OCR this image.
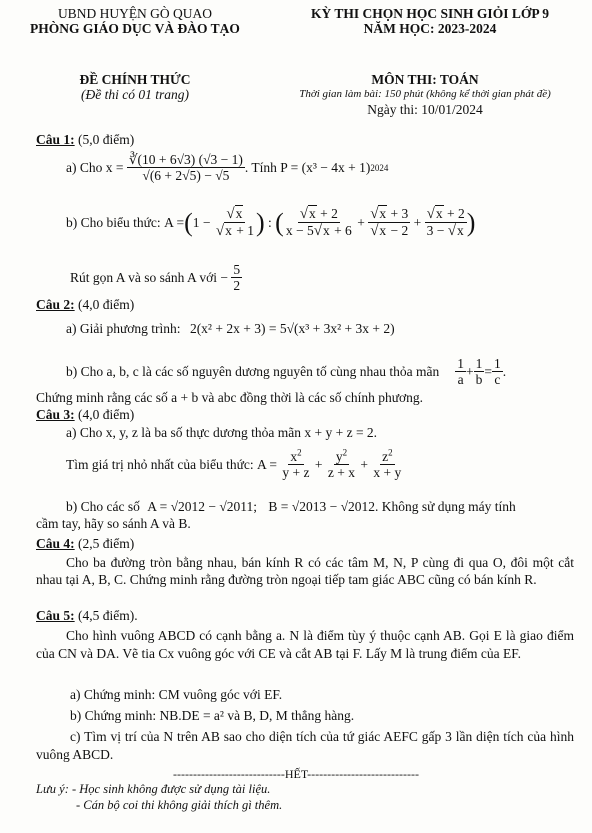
UBND HUYỆN GÒ QUAO
PHÒNG GIÁO DỤC VÀ ĐÀO TẠO
KỲ THI CHỌN HỌC SINH GIỎI LỚP 9
NĂM HỌC: 2023-2024
ĐỀ CHÍNH THỨC
(Đề thi có 01 trang)
MÔN THI: TOÁN
Thời gian làm bài: 150 phút (không kể thời gian phát đề)
Ngày thi: 10/01/2024
Câu 1: (5,0 điểm)
a) Cho $x = \frac{∛(10 + 6√3) (√3 - 1)}{√(6 + 2√5) - √5}$ . Tính P = (x³ − 4x + 1) 2024
b) Cho biểu thức: A = ( $1 - \frac{√x}{√x + 1}$ ) : ( $\frac{√x + 2}{x - 5√x + 6} + \frac{√x + 3}{√x - 2} + \frac{√x + 2}{3 - √x}$ )
Rút gọn A và so sánh A với − $\frac{5}{2}$
Câu 2: (4,0 điểm)
a) Giải phương trình: 2(x² + 2x + 3) = 5√(x³ + 3x² + 3x + 2)
b) Cho a, b, c là các số nguyên dương nguyên tố cùng nhau thỏa mãn $\frac{1}{a} + \frac{1}{b} = \frac{1}{c}$ .
Chứng minh rằng các số a + b và abc đồng thời là các số chính phương.
Câu 3: (4,0 điểm)
a) Cho x, y, z là ba số thực dương thỏa mãn x + y + z = 2.
Tìm giá trị nhỏ nhất của biểu thức: $A = \frac{x^2}{y + z} + \frac{y^2}{z + x} + \frac{z^2}{x + y}$
b) Cho các số A = √2012 − √2011; B = √2013 − √2012. Không sử dụng máy tính
cầm tay, hãy so sánh A và B.
Câu 4: (2,5 điểm)
Cho ba đường tròn bằng nhau, bán kính R có các tâm M, N, P cùng đi qua O, đôi một cắt nhau tại A, B, C. Chứng minh rằng đường tròn ngoại tiếp tam giác ABC cũng có bán kính R.
Câu 5: (4,5 điểm).
Cho hình vuông ABCD có cạnh bằng a. N là điểm tùy ý thuộc cạnh AB. Gọi E là giao điểm của CN và DA. Vẽ tia Cx vuông góc với CE và cắt AB tại F. Lấy M là trung điểm của EF.
a) Chứng minh: CM vuông góc với EF.
b) Chứng minh: NB.DE = a² và B, D, M thẳng hàng.
c) Tìm vị trí của N trên AB sao cho diện tích của tứ giác AEFC gấp 3 lần diện tích của hình vuông ABCD.
----------------------------HẾT----------------------------
Lưu ý: - Học sinh không được sử dụng tài liệu.
- Cán bộ coi thi không giải thích gì thêm.
